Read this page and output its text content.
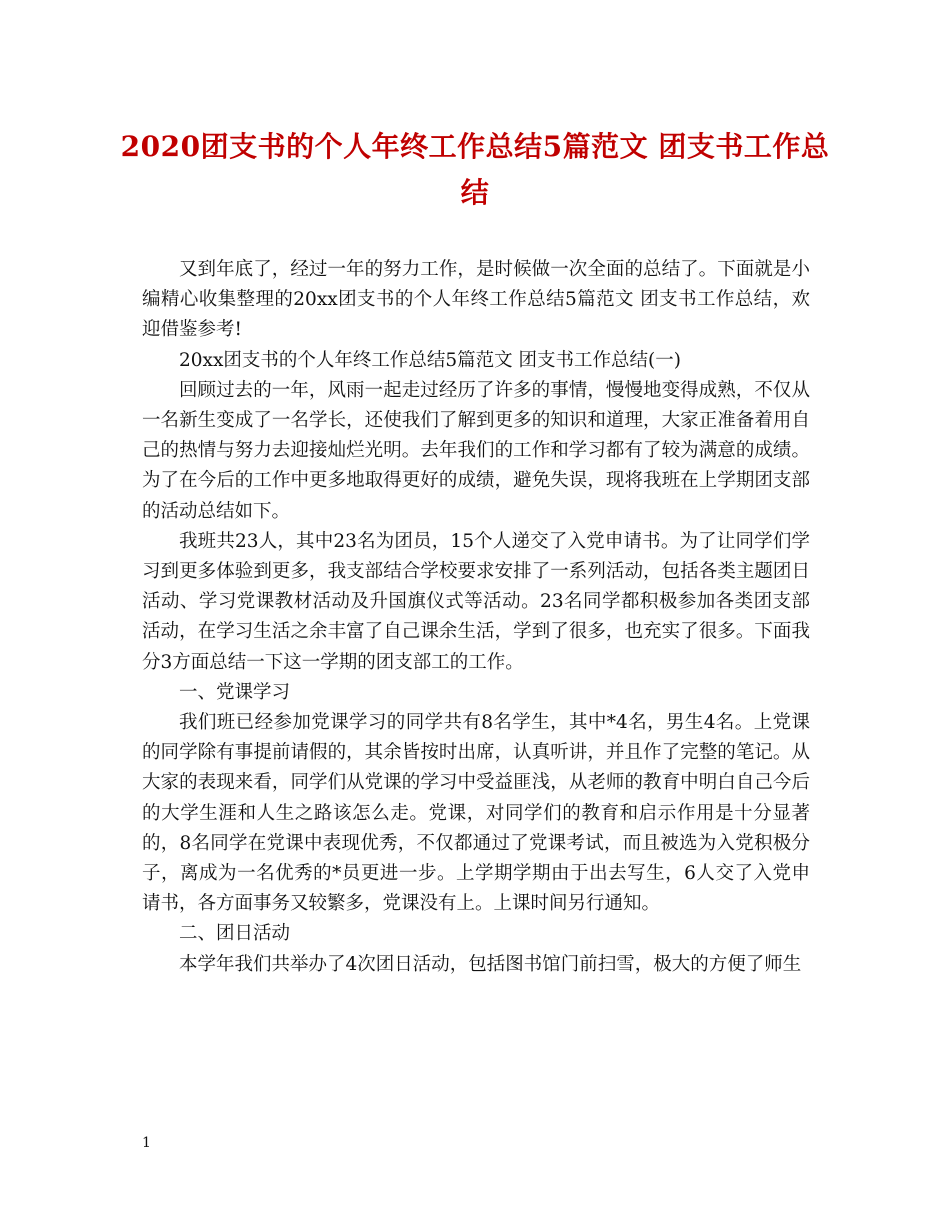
2020团支书的个人年终工作总结5篇范文 团支书工作总结

又到年底了，经过一年的努力工作，是时候做一次全面的总结了。下面就是小编精心收集整理的20xx团支书的个人年终工作总结5篇范文 团支书工作总结，欢迎借鉴参考!

20xx团支书的个人年终工作总结5篇范文 团支书工作总结(一)

回顾过去的一年，风雨一起走过经历了许多的事情，慢慢地变得成熟，不仅从一名新生变成了一名学长，还使我们了解到更多的知识和道理，大家正准备着用自己的热情与努力去迎接灿烂光明。去年我们的工作和学习都有了较为满意的成绩。为了在今后的工作中更多地取得更好的成绩，避免失误，现将我班在上学期团支部的活动总结如下。

我班共23人，其中23名为团员，15个人递交了入党申请书。为了让同学们学习到更多体验到更多，我支部结合学校要求安排了一系列活动，包括各类主题团日活动、学习党课教材活动及升国旗仪式等活动。23名同学都积极参加各类团支部活动，在学习生活之余丰富了自己课余生活，学到了很多，也充实了很多。下面我分3方面总结一下这一学期的团支部工的工作。

一、党课学习

我们班已经参加党课学习的同学共有8名学生，其中*4名，男生4名。上党课的同学除有事提前请假的，其余皆按时出席，认真听讲，并且作了完整的笔记。从大家的表现来看，同学们从党课的学习中受益匪浅，从老师的教育中明白自己今后的大学生涯和人生之路该怎么走。党课，对同学们的教育和启示作用是十分显著的，8名同学在党课中表现优秀，不仅都通过了党课考试，而且被选为入党积极分子，离成为一名优秀的*员更进一步。上学期学期由于出去写生，6人交了入党申请书，各方面事务又较繁多，党课没有上。上课时间另行通知。

二、团日活动

本学年我们共举办了4次团日活动，包括图书馆门前扫雪，极大的方便了师生

1
